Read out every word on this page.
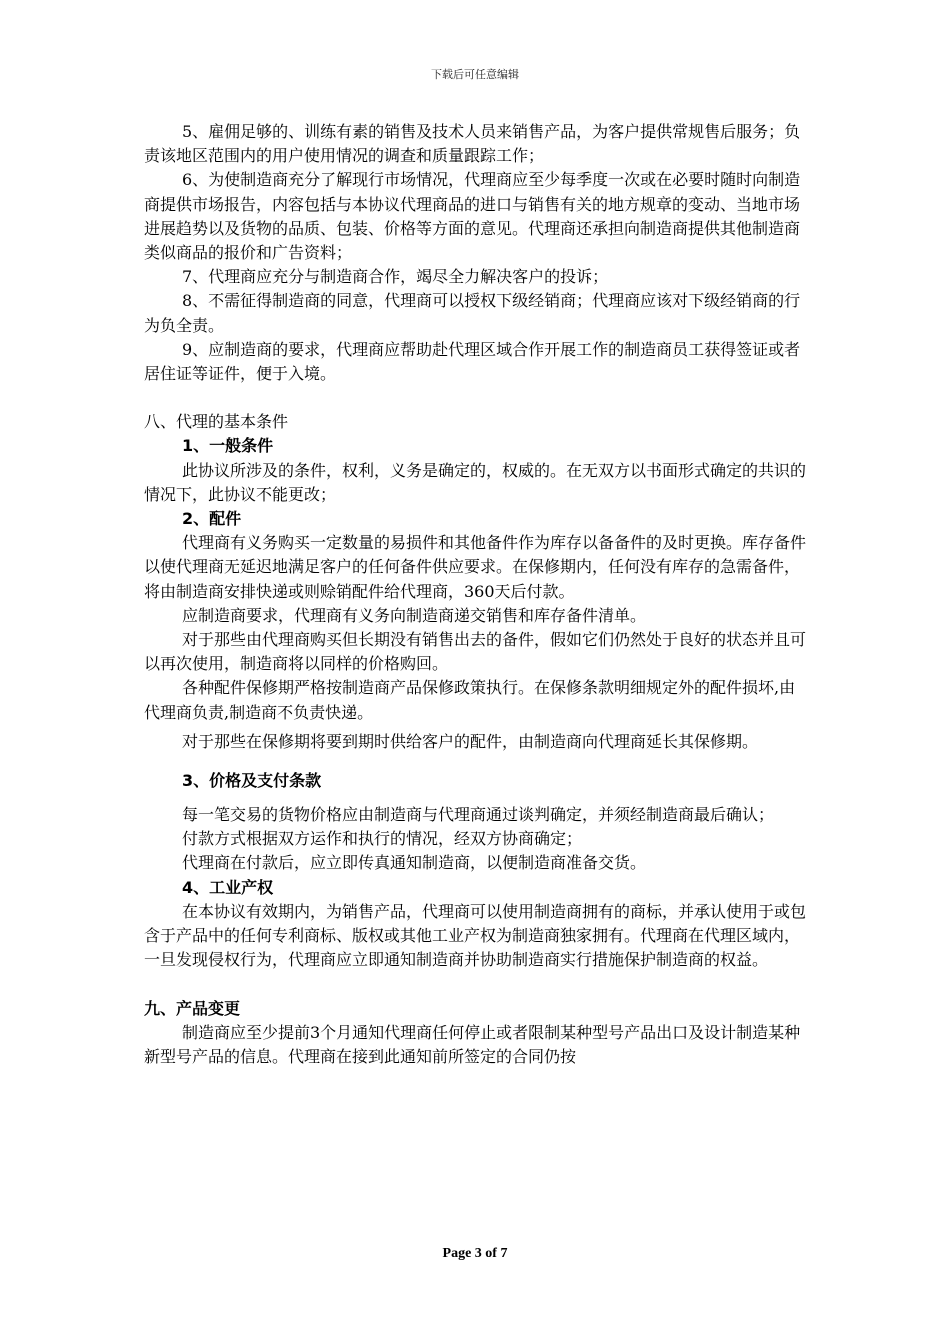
下载后可任意编辑

5、雇佣足够的、训练有素的销售及技术人员来销售产品，为客户提供常规售后服务；负责该地区范围内的用户使用情况的调查和质量跟踪工作；

6、为使制造商充分了解现行市场情况，代理商应至少每季度一次或在必要时随时向制造商提供市场报告，内容包括与本协议代理商品的进口与销售有关的地方规章的变动、当地市场进展趋势以及货物的品质、包装、价格等方面的意见。代理商还承担向制造商提供其他制造商类似商品的报价和广告资料；

7、代理商应充分与制造商合作，竭尽全力解决客户的投诉；

8、不需征得制造商的同意，代理商可以授权下级经销商；代理商应该对下级经销商的行为负全责。

9、应制造商的要求，代理商应帮助赴代理区域合作开展工作的制造商员工获得签证或者居住证等证件，便于入境。

八、代理的基本条件

1、一般条件

此协议所涉及的条件，权利，义务是确定的，权威的。在无双方以书面形式确定的共识的情况下，此协议不能更改；

2、配件

代理商有义务购买一定数量的易损件和其他备件作为库存以备备件的及时更换。库存备件以使代理商无延迟地满足客户的任何备件供应要求。在保修期内，任何没有库存的急需备件，将由制造商安排快递或则赊销配件给代理商，360天后付款。

应制造商要求，代理商有义务向制造商递交销售和库存备件清单。

对于那些由代理商购买但长期没有销售出去的备件，假如它们仍然处于良好的状态并且可以再次使用，制造商将以同样的价格购回。

各种配件保修期严格按制造商产品保修政策执行。在保修条款明细规定外的配件损坏,由代理商负责,制造商不负责快递。

对于那些在保修期将要到期时供给客户的配件，由制造商向代理商延长其保修期。

3、价格及支付条款

每一笔交易的货物价格应由制造商与代理商通过谈判确定，并须经制造商最后确认；

付款方式根据双方运作和执行的情况，经双方协商确定；

代理商在付款后，应立即传真通知制造商，以便制造商准备交货。

4、工业产权

在本协议有效期内，为销售产品，代理商可以使用制造商拥有的商标，并承认使用于或包含于产品中的任何专利商标、版权或其他工业产权为制造商独家拥有。代理商在代理区域内，一旦发现侵权行为，代理商应立即通知制造商并协助制造商实行措施保护制造商的权益。

九、产品变更

制造商应至少提前3个月通知代理商任何停止或者限制某种型号产品出口及设计制造某种新型号产品的信息。代理商在接到此通知前所签定的合同仍按

Page 3 of 7
